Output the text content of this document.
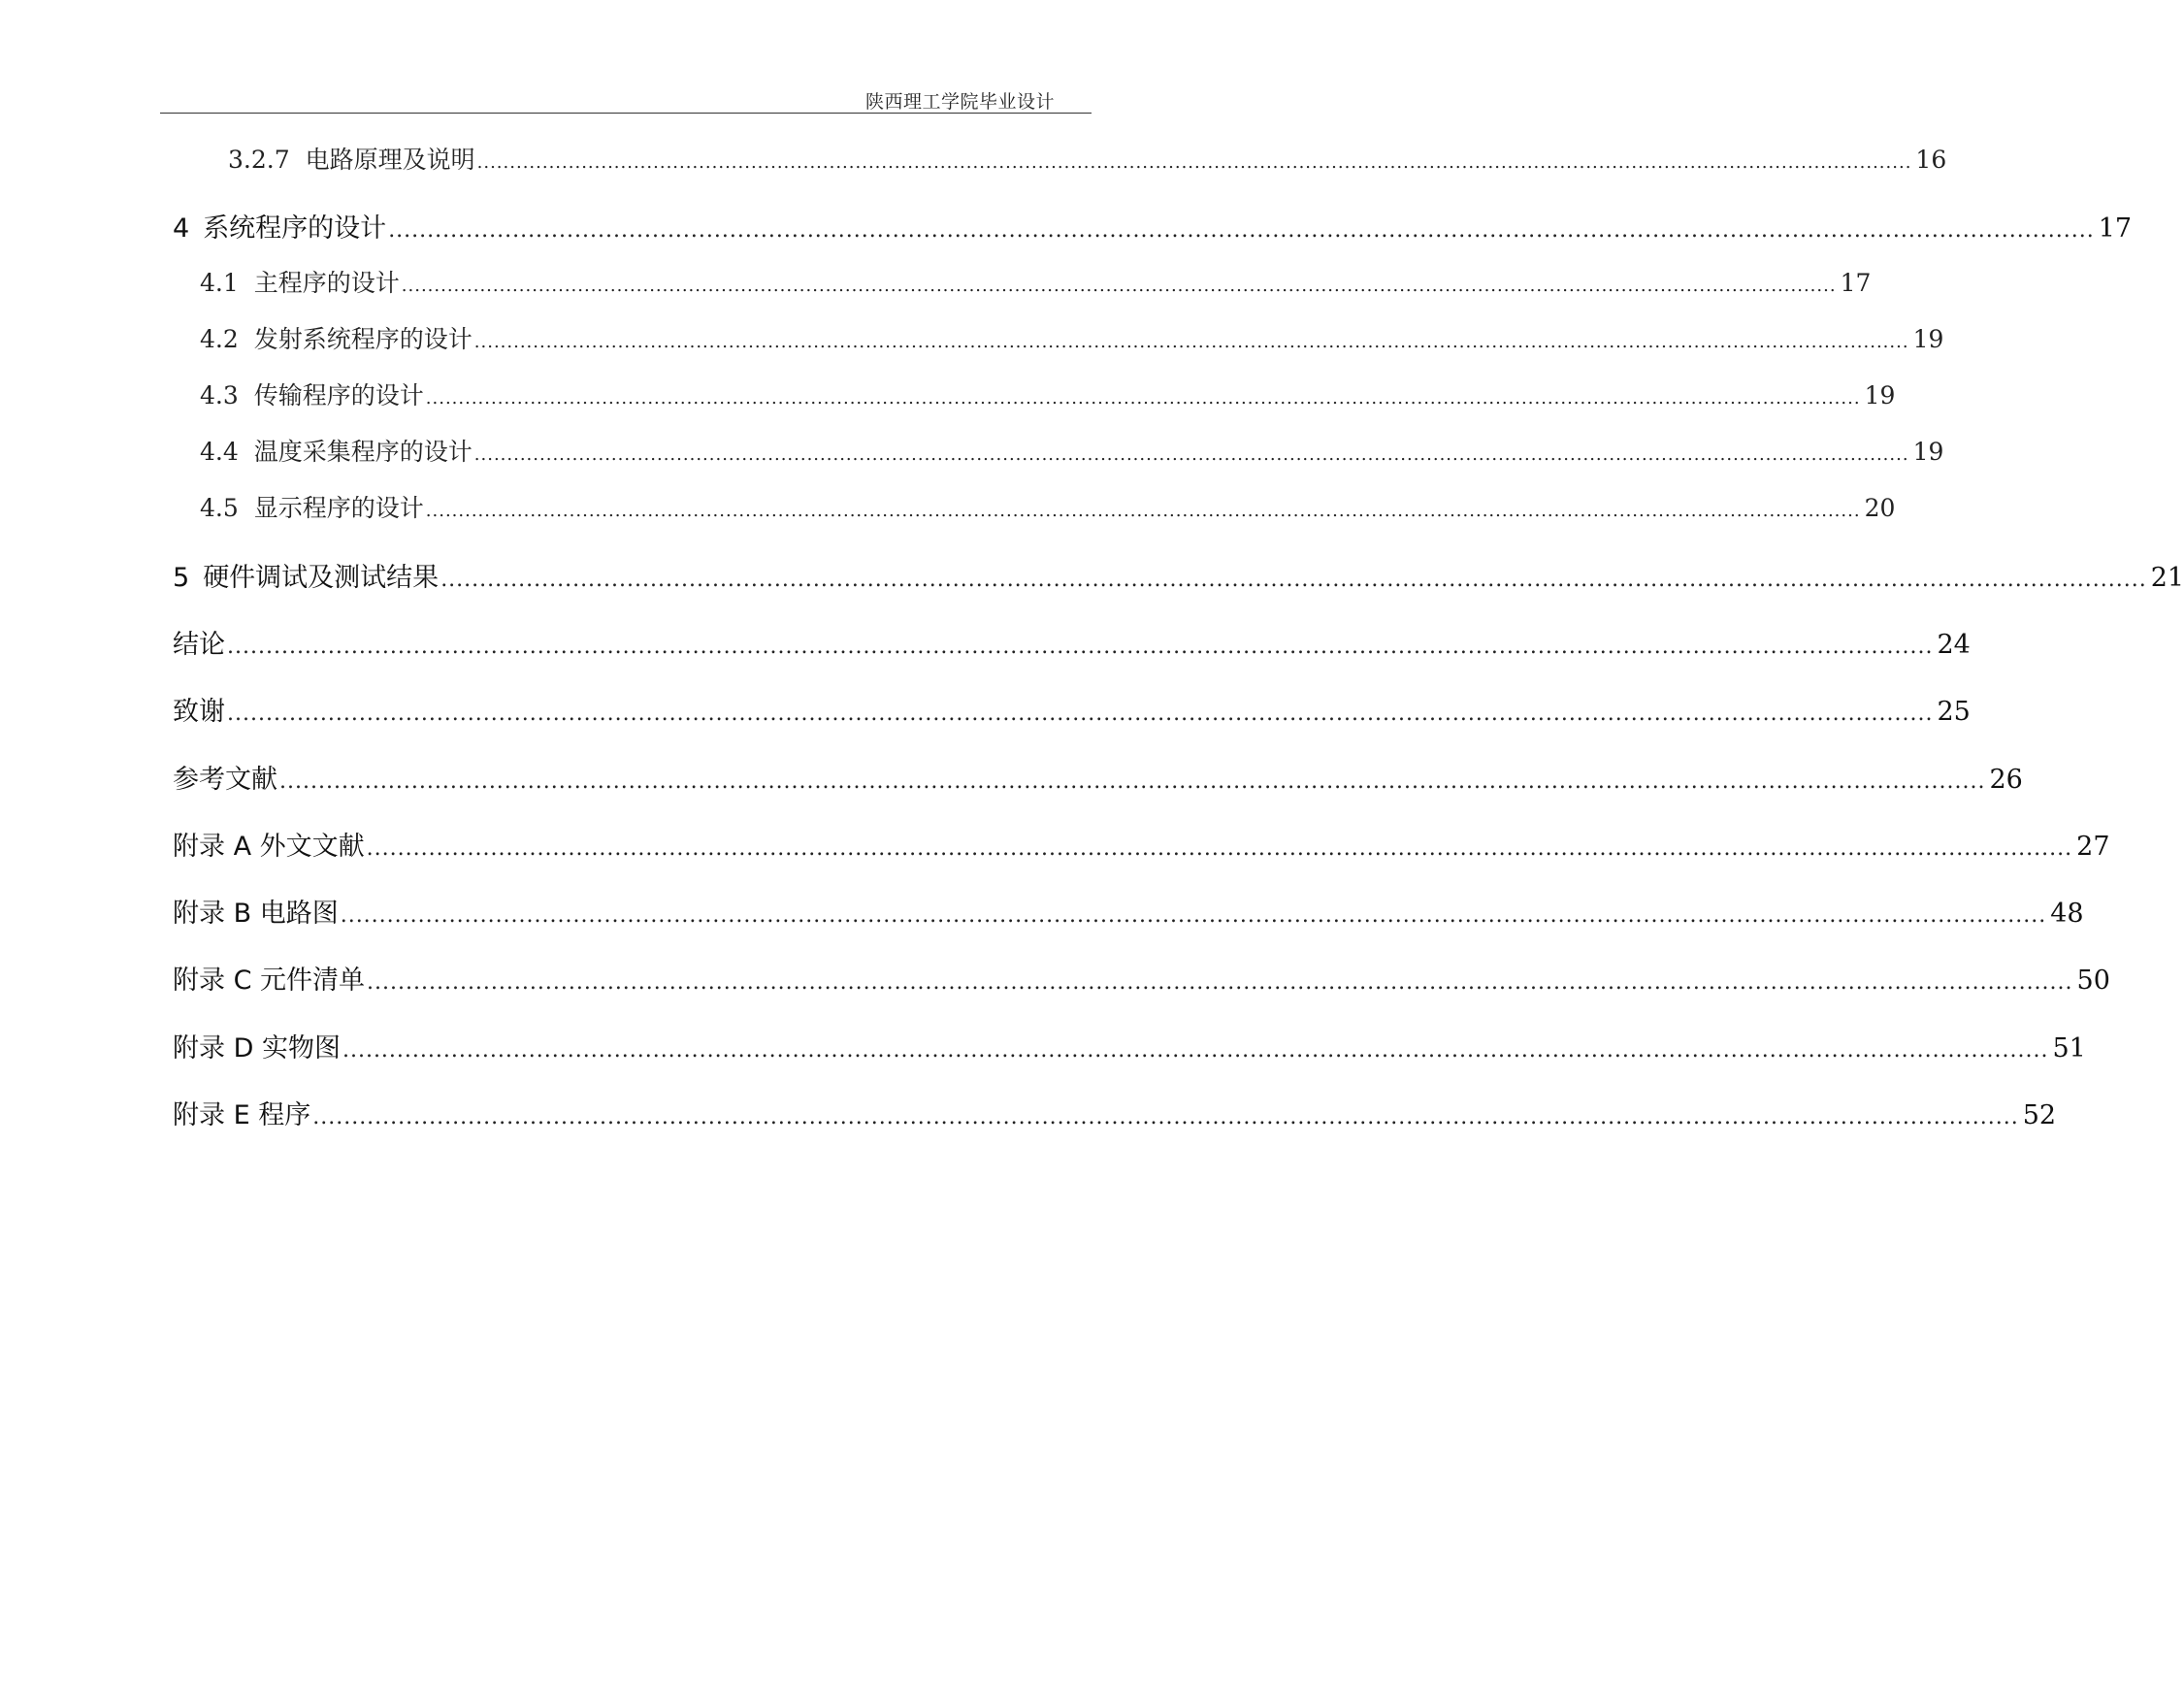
陕西理工学院毕业设计
3.2.7 电路原理及说明 ............................................................................................................................................................................................................................ 16
4 系统程序的设计 ............................................................................................................................................................................................................................ 17
4.1 主程序的设计 ............................................................................................................................................................................................................................ 17
4.2 发射系统程序的设计 ............................................................................................................................................................................................................................ 19
4.3 传输程序的设计 ............................................................................................................................................................................................................................ 19
4.4 温度采集程序的设计 ............................................................................................................................................................................................................................ 19
4.5 显示程序的设计 ............................................................................................................................................................................................................................ 20
5 硬件调试及测试结果 ............................................................................................................................................................................................................................ 21
结论 ............................................................................................................................................................................................................................ 24
致谢 ............................................................................................................................................................................................................................ 25
参考文献 ............................................................................................................................................................................................................................ 26
附录 A 外文文献 ............................................................................................................................................................................................................................ 27
附录 B 电路图 ............................................................................................................................................................................................................................ 48
附录 C 元件清单 ............................................................................................................................................................................................................................ 50
附录 D 实物图 ............................................................................................................................................................................................................................ 51
附录 E 程序 ............................................................................................................................................................................................................................ 52
